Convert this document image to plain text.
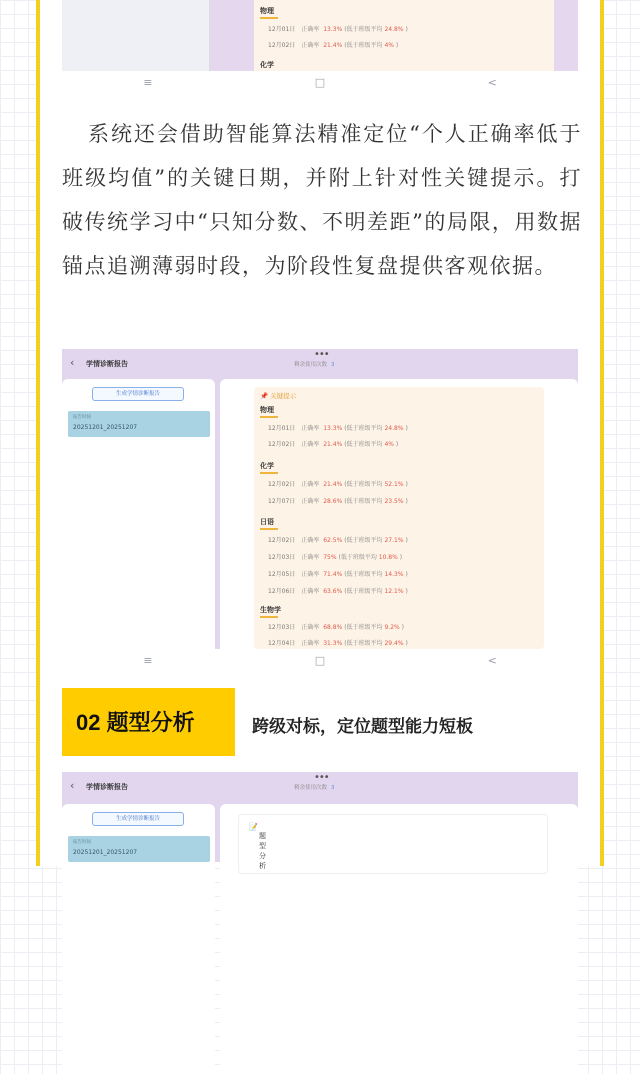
物理
12月01日 正确率 13.3% (低于班级平均 24.8% )
12月02日 正确率 21.4% (低于班级平均 4% )
化学
≡	□	<

系统还会借助智能算法精准定位“个人正确率低于班级均值”的关键日期，并附上针对性关键提示。打破传统学习中“只知分数、不明差距”的局限，用数据锚点追溯薄弱时段，为阶段性复盘提供客观依据。

‹ 学情诊断报告
•••
剩余使用次数 3
生成学情诊断报告
报告时间
20251201_20251207
📌 关键提示
物理
12月01日 正确率 13.3% (低于班级平均 24.8% )
12月02日 正确率 21.4% (低于班级平均 4% )
化学
12月02日 正确率 21.4% (低于班级平均 52.1% )
12月07日 正确率 28.6% (低于班级平均 23.5% )
日语
12月02日 正确率 62.5% (低于班级平均 27.1% )
12月03日 正确率 75% (低于班级平均 10.8% )
12月05日 正确率 71.4% (低于班级平均 14.3% )
12月06日 正确率 63.6% (低于班级平均 12.1% )
生物学
12月03日 正确率 68.8% (低于班级平均 9.2% )
12月04日 正确率 31.3% (低于班级平均 29.4% )
≡	□	<
02 题型分析	跨级对标，定位题型能力短板
‹ 学情诊断报告
•••
剩余使用次数 3
生成学情诊断报告
报告时间
20251201_20251207
📝
题型分析
